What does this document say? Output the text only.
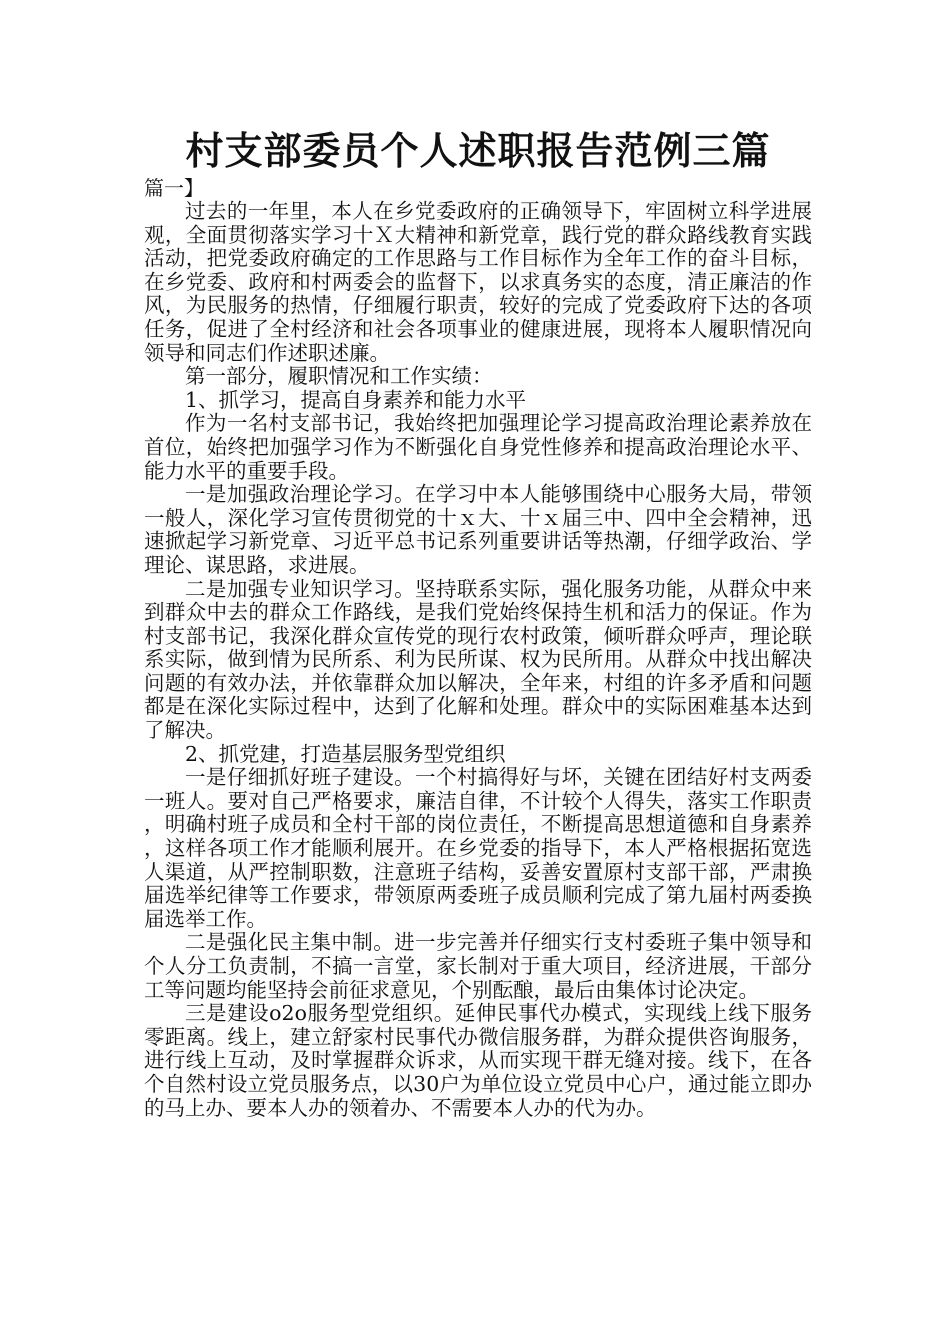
村支部委员个人述职报告范例三篇

篇一】

过去的一年里，本人在乡党委政府的正确领导下，牢固树立科学进展观，全面贯彻落实学习十Ｘ大精神和新党章，践行党的群众路线教育实践活动，把党委政府确定的工作思路与工作目标作为全年工作的奋斗目标，在乡党委、政府和村两委会的监督下，以求真务实的态度，清正廉洁的作风，为民服务的热情，仔细履行职责，较好的完成了党委政府下达的各项任务，促进了全村经济和社会各项事业的健康进展，现将本人履职情况向领导和同志们作述职述廉。

第一部分，履职情况和工作实绩：

1、抓学习，提高自身素养和能力水平

作为一名村支部书记，我始终把加强理论学习提高政治理论素养放在首位，始终把加强学习作为不断强化自身党性修养和提高政治理论水平、能力水平的重要手段。

一是加强政治理论学习。在学习中本人能够围绕中心服务大局，带领一般人，深化学习宣传贯彻党的十ｘ大、十ｘ届三中、四中全会精神，迅速掀起学习新党章、习近平总书记系列重要讲话等热潮，仔细学政治、学理论、谋思路，求进展。

二是加强专业知识学习。坚持联系实际，强化服务功能，从群众中来到群众中去的群众工作路线，是我们党始终保持生机和活力的保证。作为村支部书记，我深化群众宣传党的现行农村政策，倾听群众呼声，理论联系实际，做到情为民所系、利为民所谋、权为民所用。从群众中找出解决问题的有效办法，并依靠群众加以解决，全年来，村组的许多矛盾和问题都是在深化实际过程中，达到了化解和处理。群众中的实际困难基本达到了解决。

2、抓党建，打造基层服务型党组织

一是仔细抓好班子建设。一个村搞得好与坏，关键在团结好村支两委一班人。要对自己严格要求，廉洁自律，不计较个人得失，落实工作职责，明确村班子成员和全村干部的岗位责任，不断提高思想道德和自身素养，这样各项工作才能顺利展开。在乡党委的指导下，本人严格根据拓宽选人渠道，从严控制职数，注意班子结构，妥善安置原村支部干部，严肃换届选举纪律等工作要求，带领原两委班子成员顺利完成了第九届村两委换届选举工作。

二是强化民主集中制。进一步完善并仔细实行支村委班子集中领导和个人分工负责制，不搞一言堂，家长制对于重大项目，经济进展，干部分工等问题均能坚持会前征求意见，个别酝酿，最后由集体讨论决定。

三是建设o2o服务型党组织。延伸民事代办模式，实现线上线下服务零距离。线上，建立舒家村民事代办微信服务群，为群众提供咨询服务，进行线上互动，及时掌握群众诉求，从而实现干群无缝对接。线下，在各个自然村设立党员服务点，以30户为单位设立党员中心户，通过能立即办的马上办、要本人办的领着办、不需要本人办的代为办。
